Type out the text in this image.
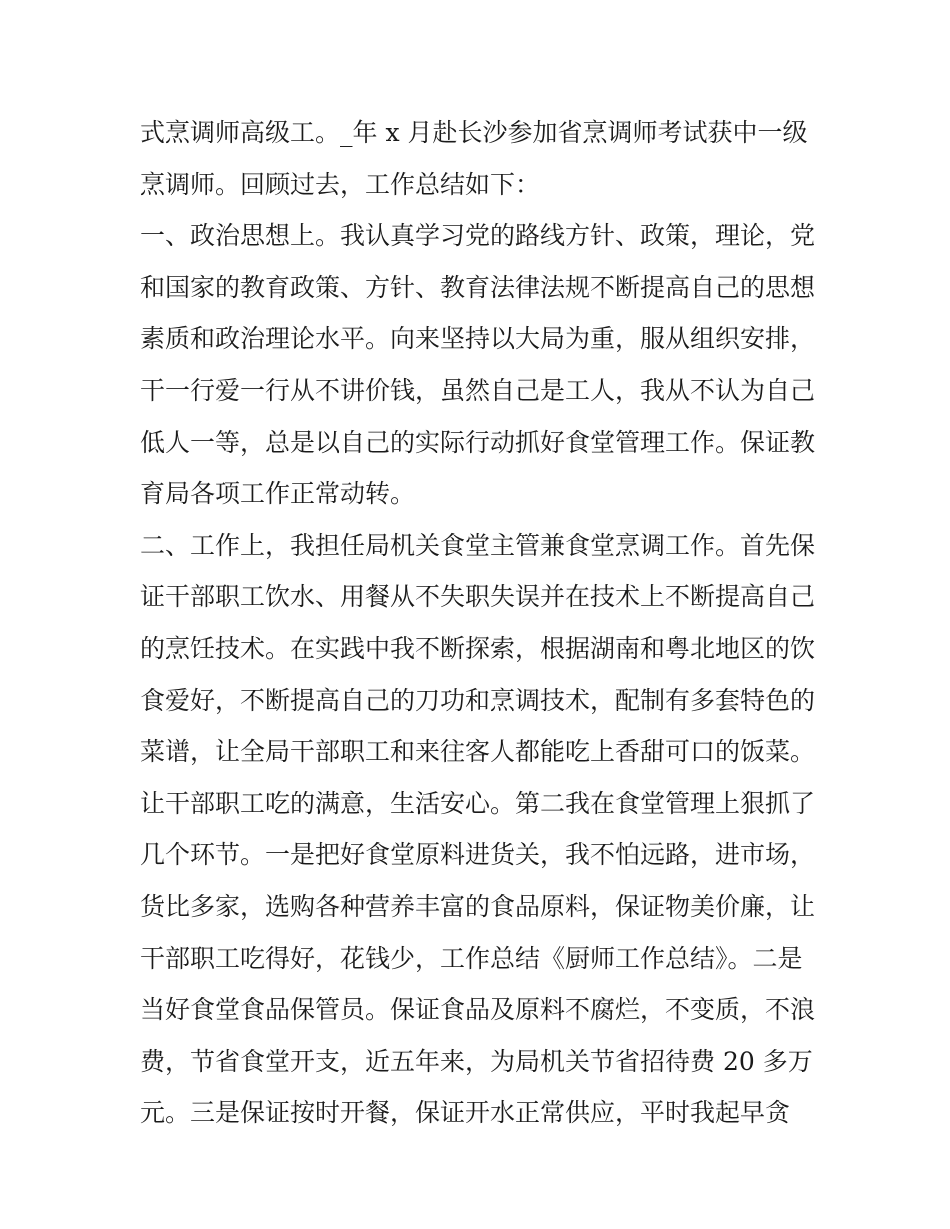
式烹调师高级工。_年 x 月赴长沙参加省烹调师考试获中一级
烹调师。回顾过去，工作总结如下：
一、政治思想上。我认真学习党的路线方针、政策，理论，党
和国家的教育政策、方针、教育法律法规不断提高自己的思想
素质和政治理论水平。向来坚持以大局为重，服从组织安排，
干一行爱一行从不讲价钱，虽然自己是工人，我从不认为自己
低人一等，总是以自己的实际行动抓好食堂管理工作。保证教
育局各项工作正常动转。
二、工作上，我担任局机关食堂主管兼食堂烹调工作。首先保
证干部职工饮水、用餐从不失职失误并在技术上不断提高自己
的烹饪技术。在实践中我不断探索，根据湖南和粤北地区的饮
食爱好，不断提高自己的刀功和烹调技术，配制有多套特色的
菜谱，让全局干部职工和来往客人都能吃上香甜可口的饭菜。
让干部职工吃的满意，生活安心。第二我在食堂管理上狠抓了
几个环节。一是把好食堂原料进货关，我不怕远路，进市场，
货比多家，选购各种营养丰富的食品原料，保证物美价廉，让
干部职工吃得好，花钱少，工作总结《厨师工作总结》。二是
当好食堂食品保管员。保证食品及原料不腐烂，不变质，不浪
费，节省食堂开支，近五年来，为局机关节省招待费 20 多万
元。三是保证按时开餐，保证开水正常供应，平时我起早贪
